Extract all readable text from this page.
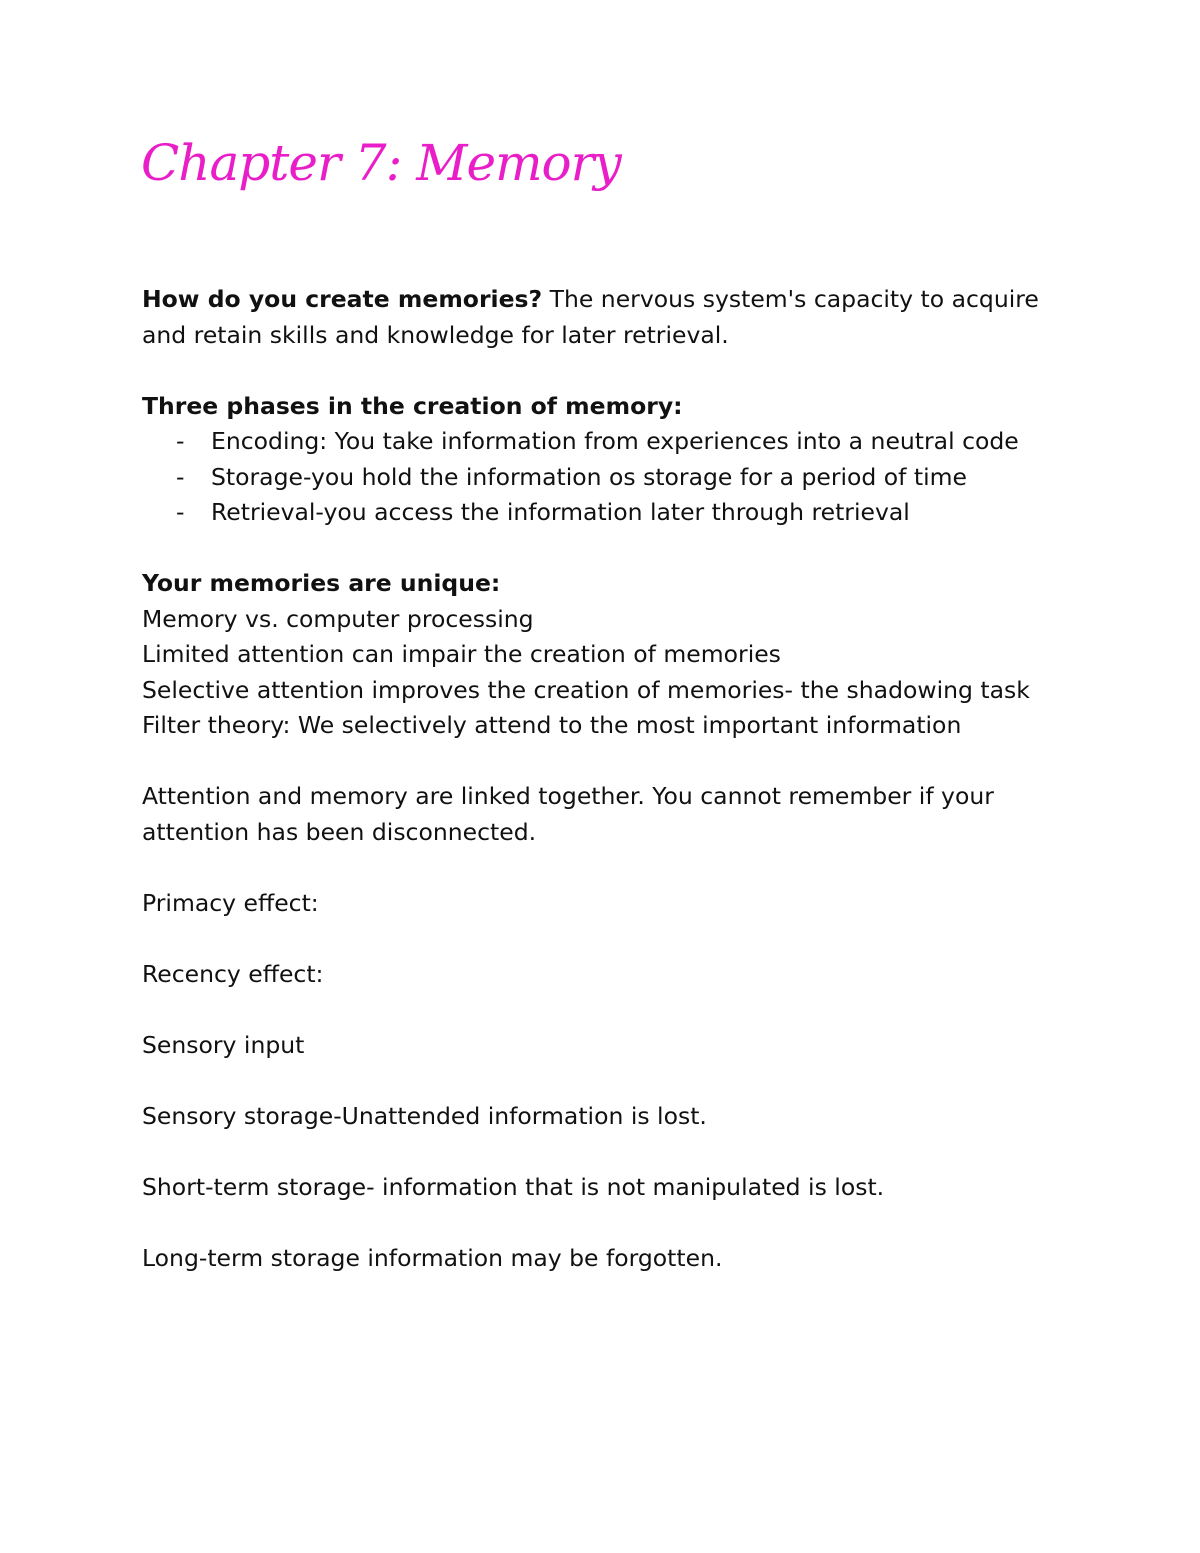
Chapter 7: Memory

How do you create memories? The nervous system's capacity to acquire and retain skills and knowledge for later retrieval.

Three phases in the creation of memory:

- Encoding: You take information from experiences into a neutral code
- Storage-you hold the information os storage for a period of time
- Retrieval-you access the information later through retrieval

Your memories are unique:

Memory vs. computer processing

Limited attention can impair the creation of memories

Selective attention improves the creation of memories- the shadowing task

Filter theory: We selectively attend to the most important information

Attention and memory are linked together. You cannot remember if your attention has been disconnected.

Primacy effect:

Recency effect:

Sensory input

Sensory storage-Unattended information is lost.

Short-term storage- information that is not manipulated is lost.

Long-term storage information may be forgotten.
